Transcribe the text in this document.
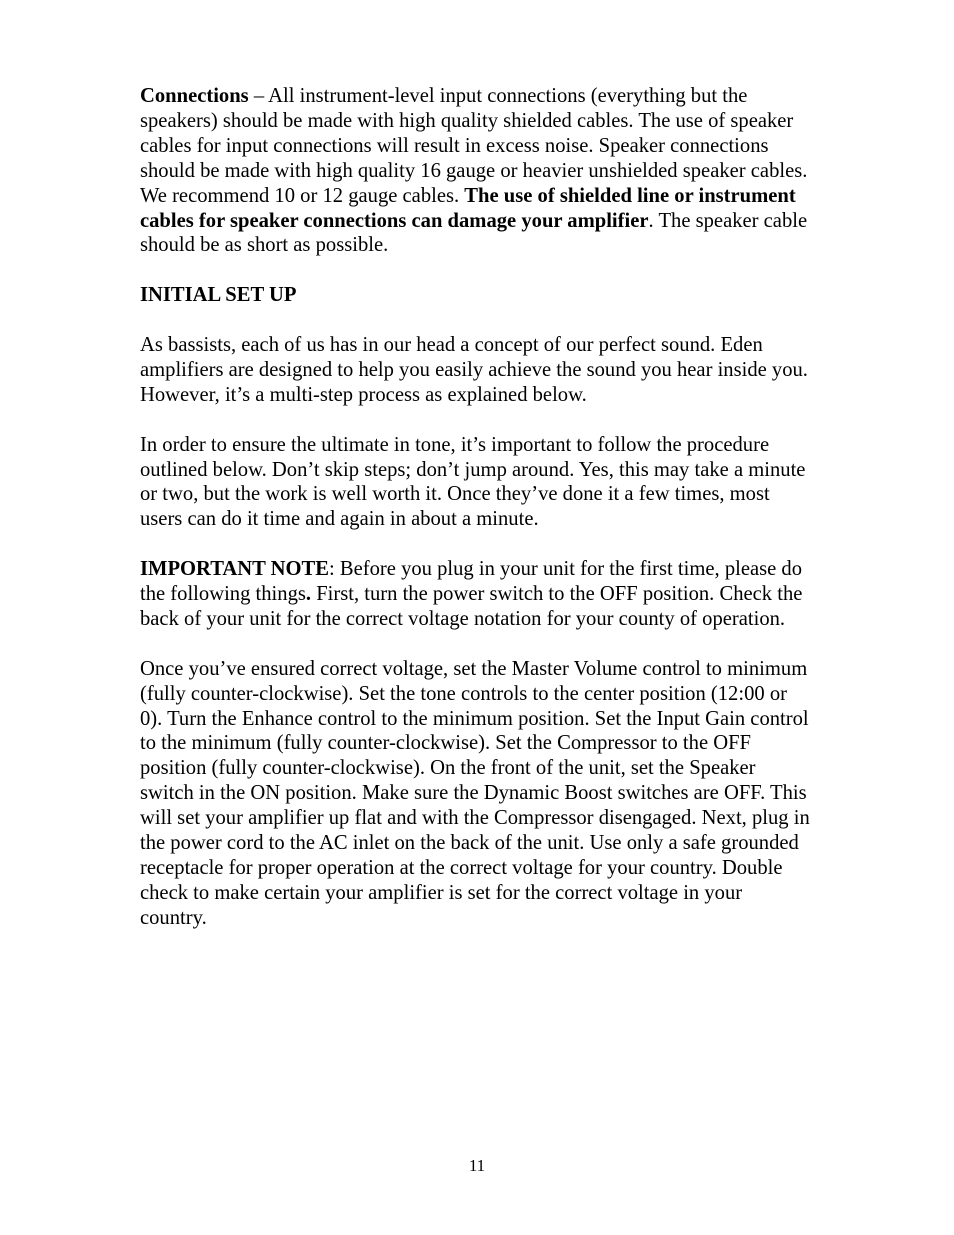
Connections – All instrument-level input connections (everything but the speakers) should be made with high quality shielded cables. The use of speaker cables for input connections will result in excess noise. Speaker connections should be made with high quality 16 gauge or heavier unshielded speaker cables. We recommend 10 or 12 gauge cables. The use of shielded line or instrument cables for speaker connections can damage your amplifier. The speaker cable should be as short as possible.

INITIAL SET UP

As bassists, each of us has in our head a concept of our perfect sound. Eden amplifiers are designed to help you easily achieve the sound you hear inside you. However, it’s a multi-step process as explained below.

In order to ensure the ultimate in tone, it’s important to follow the procedure outlined below. Don’t skip steps; don’t jump around. Yes, this may take a minute or two, but the work is well worth it. Once they’ve done it a few times, most users can do it time and again in about a minute.

IMPORTANT NOTE: Before you plug in your unit for the first time, please do the following things. First, turn the power switch to the OFF position. Check the back of your unit for the correct voltage notation for your county of operation.

Once you’ve ensured correct voltage, set the Master Volume control to minimum (fully counter-clockwise). Set the tone controls to the center position (12:00 or 0). Turn the Enhance control to the minimum position. Set the Input Gain control to the minimum (fully counter-clockwise). Set the Compressor to the OFF position (fully counter-clockwise). On the front of the unit, set the Speaker switch in the ON position. Make sure the Dynamic Boost switches are OFF. This will set your amplifier up flat and with the Compressor disengaged. Next, plug in the power cord to the AC inlet on the back of the unit. Use only a safe grounded receptacle for proper operation at the correct voltage for your country. Double check to make certain your amplifier is set for the correct voltage in your country.

11
